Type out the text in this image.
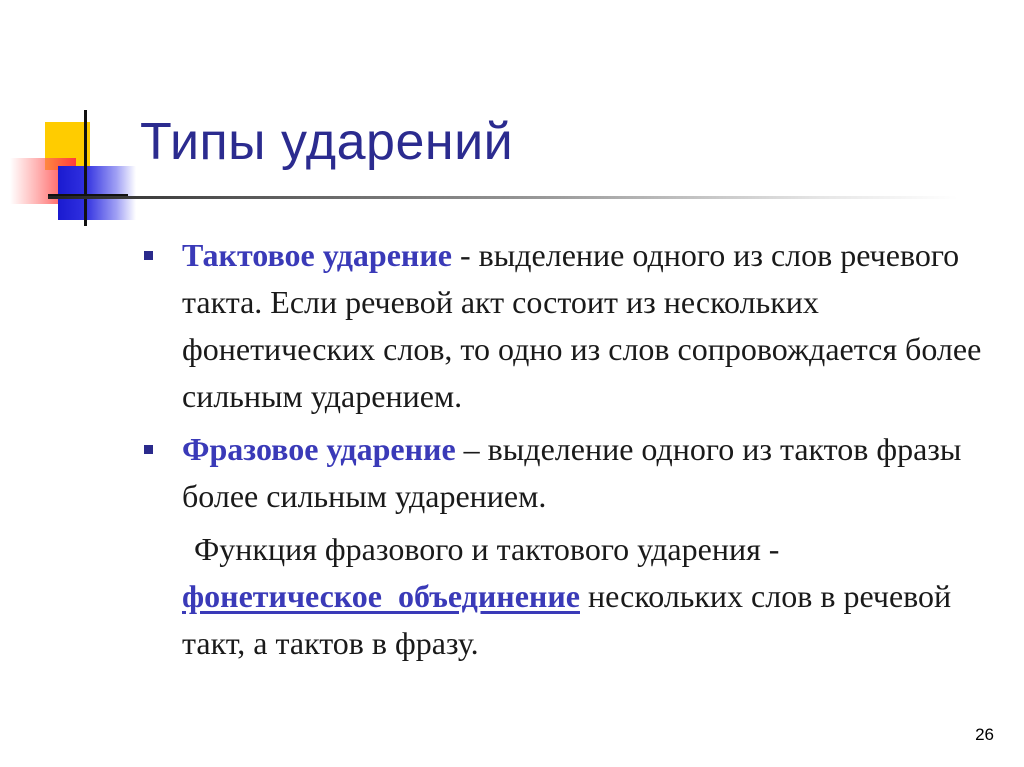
Типы ударений
Тактовое ударение - выделение одного из слов речевого такта. Если речевой акт состоит из нескольких фонетических слов, то одно из слов сопровождается более сильным ударением.
Фразовое ударение – выделение одного из тактов фразы более сильным ударением.
Функция фразового и тактового ударения - фонетическое  объединение нескольких слов в речевой такт, а тактов в фразу.
26
